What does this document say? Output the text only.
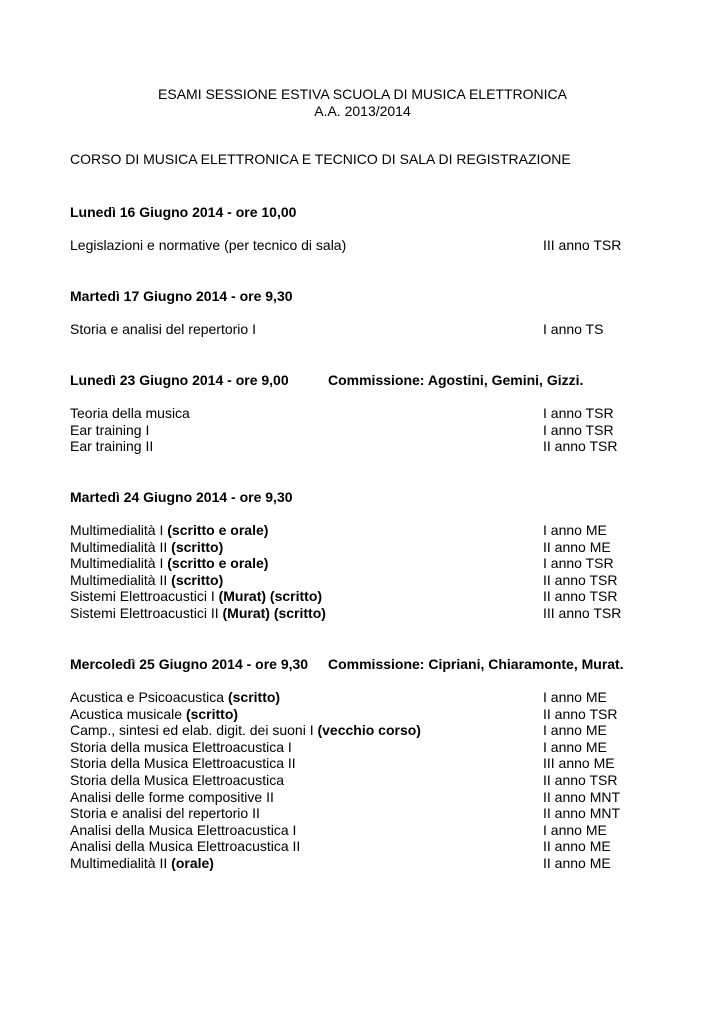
ESAMI SESSIONE ESTIVA SCUOLA DI MUSICA ELETTRONICA
A.A. 2013/2014
CORSO DI MUSICA ELETTRONICA E TECNICO DI SALA DI REGISTRAZIONE
Lunedì 16 Giugno 2014 - ore 10,00
Legislazioni e normative (per tecnico di sala)	III anno TSR
Martedì 17 Giugno 2014 - ore 9,30
Storia e analisi del repertorio I	I anno TS
Lunedì 23 Giugno 2014 - ore 9,00	Commissione: Agostini, Gemini, Gizzi.
Teoria della musica	I anno TSR
Ear training I	I anno TSR
Ear training II	II anno TSR
Martedì 24 Giugno 2014 - ore 9,30
Multimedialità I (scritto e orale)	I anno ME
Multimedialità II (scritto)	II anno ME
Multimedialità I (scritto e orale)	I anno TSR
Multimedialità II (scritto)	II anno TSR
Sistemi Elettroacustici I (Murat) (scritto)	II anno TSR
Sistemi Elettroacustici II (Murat) (scritto)	III anno TSR
Mercoledì 25 Giugno 2014 - ore 9,30 Commissione: Cipriani, Chiaramonte, Murat.
Acustica e Psicoacustica (scritto)	I anno ME
Acustica musicale (scritto)	II anno TSR
Camp., sintesi ed elab. digit. dei suoni I (vecchio corso)	I anno ME
Storia della musica Elettroacustica I	I anno ME
Storia della Musica Elettroacustica II	III anno ME
Storia della Musica Elettroacustica	II anno TSR
Analisi delle forme compositive II	II anno MNT
Storia e analisi del repertorio II	II anno MNT
Analisi della Musica Elettroacustica I	I anno ME
Analisi della Musica Elettroacustica II	II anno ME
Multimedialità II (orale)	II anno ME
